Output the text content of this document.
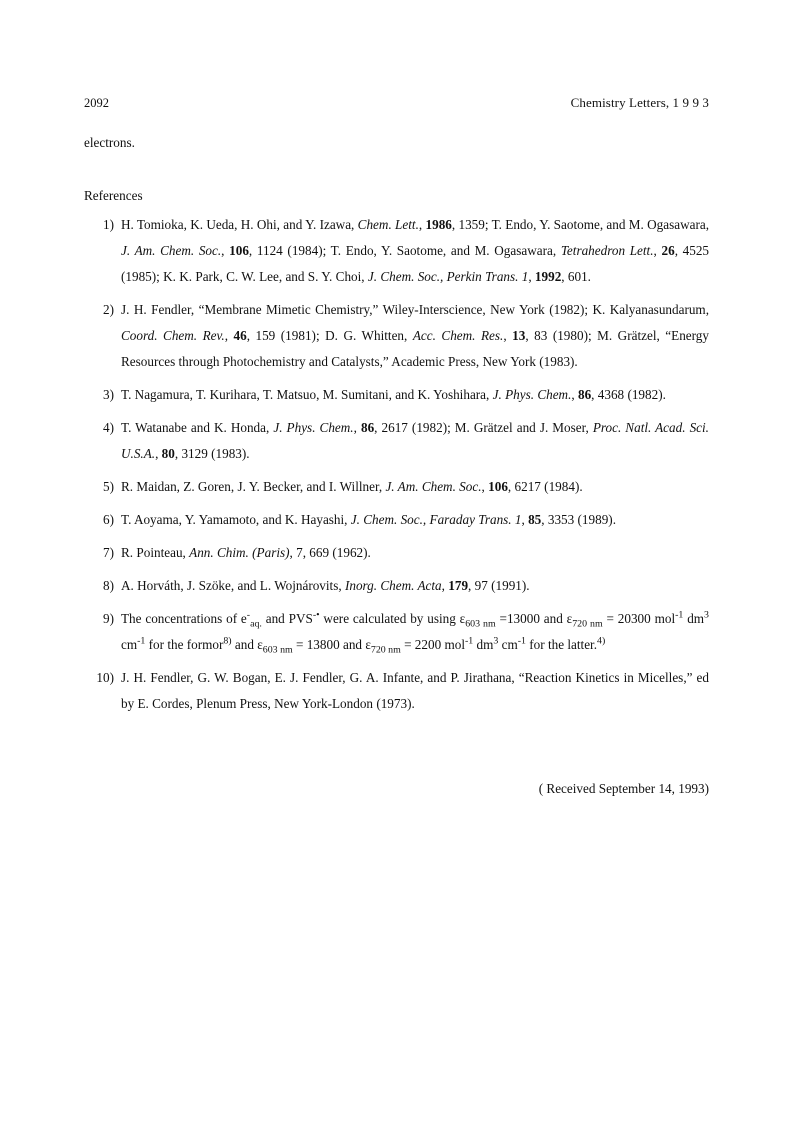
2092	Chemistry Letters, 1 9 9 3
electrons.
References
1) H. Tomioka, K. Ueda, H. Ohi, and Y. Izawa, Chem. Lett., 1986, 1359; T. Endo, Y. Saotome, and M. Ogasawara, J. Am. Chem. Soc., 106, 1124 (1984); T. Endo, Y. Saotome, and M. Ogasawara, Tetrahedron Lett., 26, 4525 (1985); K. K. Park, C. W. Lee, and S. Y. Choi, J. Chem. Soc., Perkin Trans. 1, 1992, 601.
2) J. H. Fendler, “Membrane Mimetic Chemistry,” Wiley-Interscience, New York (1982); K. Kalyanasundarum, Coord. Chem. Rev., 46, 159 (1981); D. G. Whitten, Acc. Chem. Res., 13, 83 (1980); M. Grätzel, “Energy Resources through Photochemistry and Catalysts,” Academic Press, New York (1983).
3) T. Nagamura, T. Kurihara, T. Matsuo, M. Sumitani, and K. Yoshihara, J. Phys. Chem., 86, 4368 (1982).
4) T. Watanabe and K. Honda, J. Phys. Chem., 86, 2617 (1982); M. Grätzel and J. Moser, Proc. Natl. Acad. Sci. U.S.A., 80, 3129 (1983).
5) R. Maidan, Z. Goren, J. Y. Becker, and I. Willner, J. Am. Chem. Soc., 106, 6217 (1984).
6) T. Aoyama, Y. Yamamoto, and K. Hayashi, J. Chem. Soc., Faraday Trans. 1, 85, 3353 (1989).
7) R. Pointeau, Ann. Chim. (Paris), 7, 669 (1962).
8) A. Horváth, J. Szöke, and L. Wojnárovits, Inorg. Chem. Acta, 179, 97 (1991).
9) The concentrations of $e^-_{aq.}$ and PVS-• were calculated by using $\varepsilon_{603 nm} =13000$ and $\varepsilon_{720 nm} = 20300$ mol$^{-1}$ $dm^3$ $cm^{-1}$ for the formor$^{8)}$ and $\varepsilon_{603 nm} = 13800$ and $\varepsilon_{720 nm} = 2200$ mol$^{-1}$ $dm^3$ $cm^{-1}$ for the latter.$^{4)}$
10) J. H. Fendler, G. W. Bogan, E. J. Fendler, G. A. Infante, and P. Jirathana, “Reaction Kinetics in Micelles,” ed by E. Cordes, Plenum Press, New York-London (1973).
( Received September 14, 1993)
